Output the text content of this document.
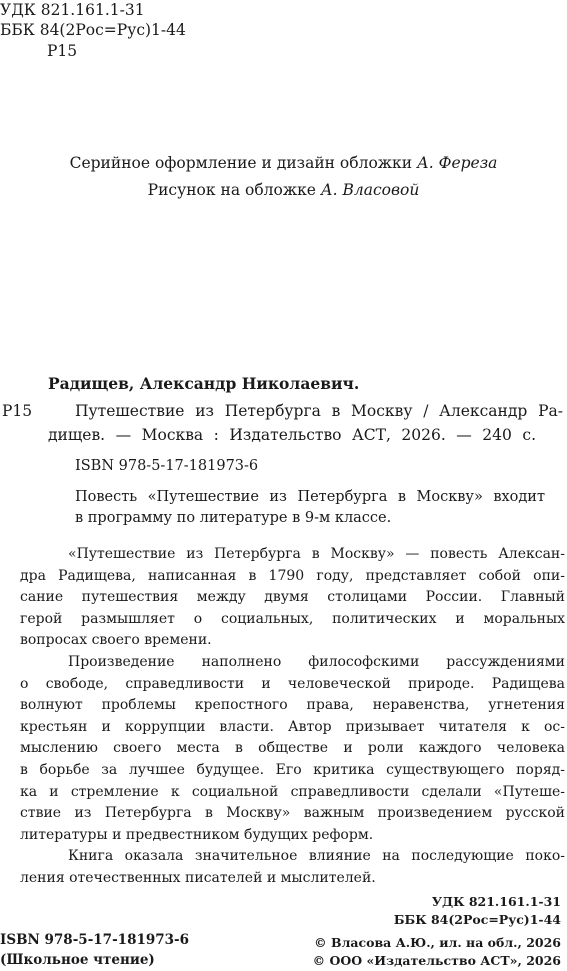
УДК 821.161.1-31
ББК 84(2Рос=Рус)1-44
Р15
Серийное оформление и дизайн обложки А. Фереза
Рисунок на обложке А. Власовой
Радищев, Александр Николаевич.
Р15	Путешествие из Петербурга в Москву / Александр Ра-
дищев. — Москва : Издательство АСТ, 2026. — 240 с.
ISBN 978-5-17-181973-6
Повесть «Путешествие из Петербурга в Москву» входит
в программу по литературе в 9-м классе.
«Путешествие из Петербурга в Москву» — повесть Алексан-
дра Радищева, написанная в 1790 году, представляет собой опи-
сание путешествия между двумя столицами России. Главный
герой размышляет о социальных, политических и моральных
вопросах своего времени.
Произведение наполнено философскими рассуждениями
о свободе, справедливости и человеческой природе. Радищева
волнуют проблемы крепостного права, неравенства, угнетения
крестьян и коррупции власти. Автор призывает читателя к ос-
мыслению своего места в обществе и роли каждого человека
в борьбе за лучшее будущее. Его критика существующего поряд-
ка и стремление к социальной справедливости сделали «Путеше-
ствие из Петербурга в Москву» важным произведением русской
литературы и предвестником будущих реформ.
Книга оказала значительное влияние на последующие поко-
ления отечественных писателей и мыслителей.
УДК 821.161.1-31
ББК 84(2Рос=Рус)1-44
ISBN 978-5-17-181973-6
(Школьное чтение)
© Власова А.Ю., ил. на обл., 2026
© ООО «Издательство АСТ», 2026
